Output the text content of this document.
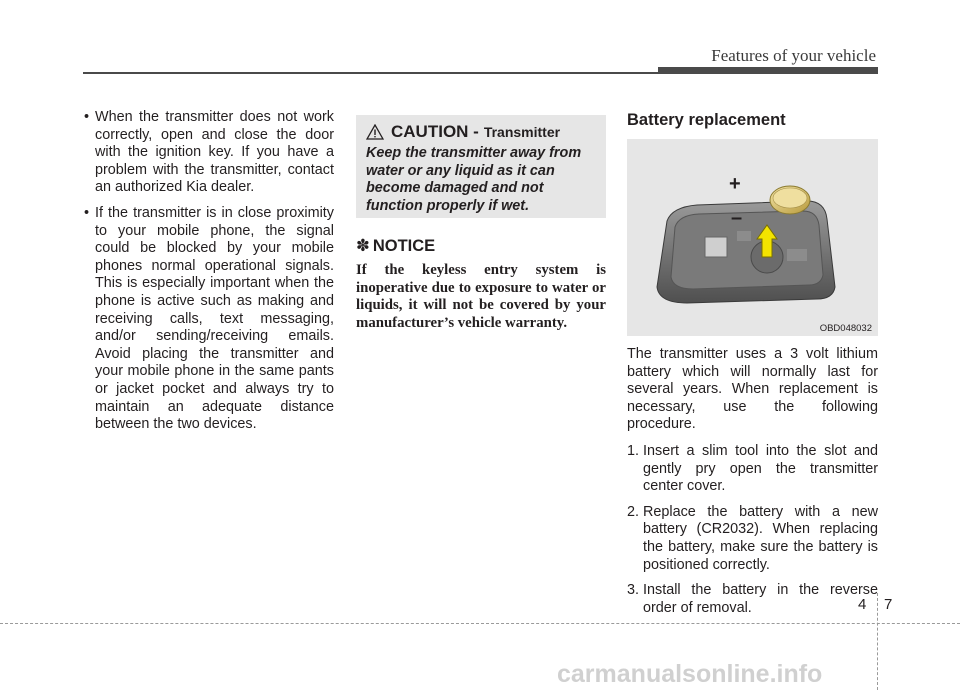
Features of your vehicle
• When the transmitter does not work correctly, open and close the door with the ignition key. If you have a problem with the transmitter, contact an authorized Kia dealer.
• If the transmitter is in close proximity to your mobile phone, the signal could be blocked by your mobile phones normal operational signals. This is especially important when the phone is active such as making and receiving calls, text messaging, and/or sending/receiving emails. Avoid placing the transmitter and your mobile phone in the same pants or jacket pocket and always try to maintain an adequate distance between the two devices.
CAUTION - Transmitter
Keep the transmitter away from water or any liquid as it can become damaged and not function properly if wet.
✽ NOTICE
If the keyless entry system is inoperative due to exposure to water or liquids, it will not be covered by your manufacturer’s vehicle warranty.
Battery replacement
+
–
OBD048032

The transmitter uses a 3 volt lithium battery which will normally last for several years. When replacement is necessary, use the following procedure.

1. Insert a slim tool into the slot and gently pry open the transmitter center cover.
2. Replace the battery with a new battery (CR2032). When replacing the battery, make sure the battery is positioned correctly.
3. Install the battery in the reverse order of removal.	4 7
carmanualsonline.info
